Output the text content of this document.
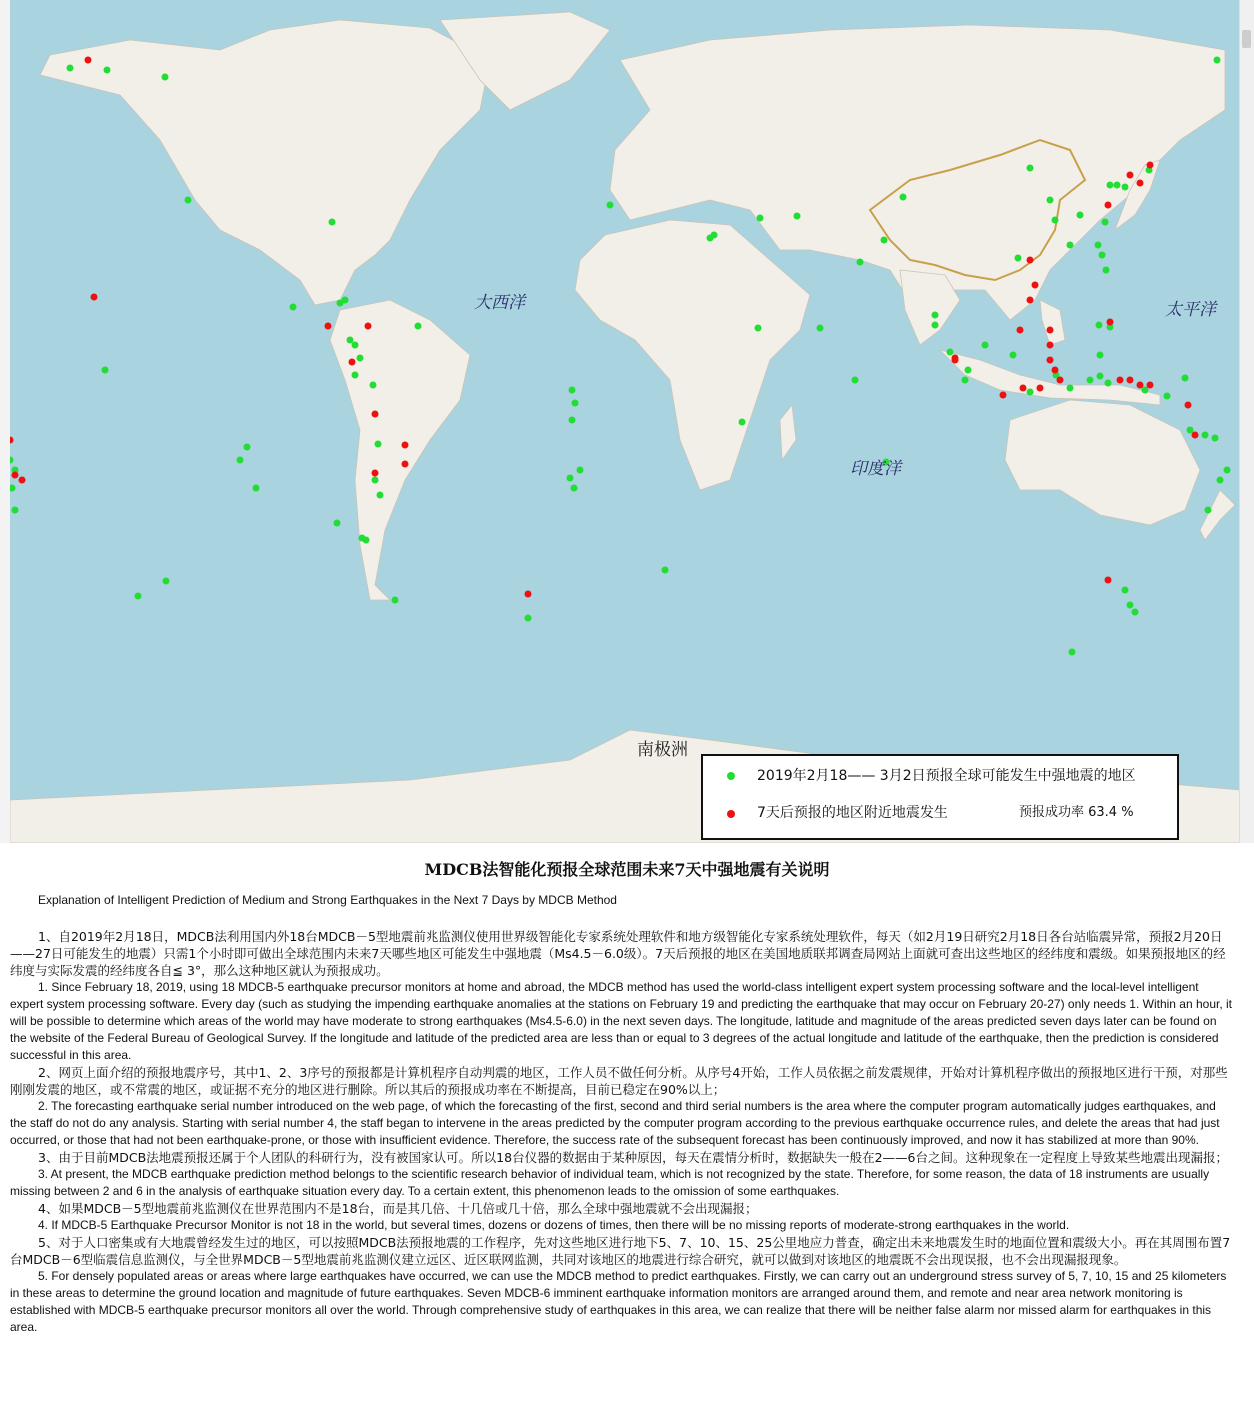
大西洋	太平洋
印度洋
南极洲
2019年2月18—— 3月2日预报全球可能发生中强地震的地区
7天后预报的地区附近地震发生	预报成功率 63.4 %
MDCB法智能化预报全球范围未来7天中强地震有关说明
Explanation of Intelligent Prediction of Medium and Strong Earthquakes in the Next 7 Days by MDCB Method

1、自2019年2月18日，MDCB法利用国内外18台MDCB－5型地震前兆监测仪使用世界级智能化专家系统处理软件和地方级智能化专家系统处理软件，每天（如2月19日研究2月18日各台站临震异常，预报2月20日——27日可能发生的地震）只需1个小时即可做出全球范围内未来7天哪些地区可能发生中强地震（Ms4.5－6.0级）。7天后预报的地区在美国地质联邦调查局网站上面就可查出这些地区的经纬度和震级。如果预报地区的经纬度与实际发震的经纬度各自≦ 3°，那么这种地区就认为预报成功。

1. Since February 18, 2019, using 18 MDCB-5 earthquake precursor monitors at home and abroad, the MDCB method has used the world-class intelligent expert system processing software and the local-level intelligent expert system processing software. Every day (such as studying the impending earthquake anomalies at the stations on February 19 and predicting the earthquake that may occur on February 20-27) only needs 1. Within an hour, it will be possible to determine which areas of the world may have moderate to strong earthquakes (Ms4.5-6.0) in the next seven days. The longitude, latitude and magnitude of the areas predicted seven days later can be found on the website of the Federal Bureau of Geological Survey. If the longitude and latitude of the predicted area are less than or equal to 3 degrees of the actual longitude and latitude of the earthquake, then the prediction is considered successful in this area.

2、网页上面介绍的预报地震序号，其中1、2、3序号的预报都是计算机程序自动判震的地区，工作人员不做任何分析。从序号4开始，工作人员依据之前发震规律，开始对计算机程序做出的预报地区进行干预，对那些刚刚发震的地区，或不常震的地区，或证据不充分的地区进行删除。所以其后的预报成功率在不断提高，目前已稳定在90%以上；

2. The forecasting earthquake serial number introduced on the web page, of which the forecasting of the first, second and third serial numbers is the area where the computer program automatically judges earthquakes, and the staff do not do any analysis. Starting with serial number 4, the staff began to intervene in the areas predicted by the computer program according to the previous earthquake occurrence rules, and delete the areas that had just occurred, or those that had not been earthquake-prone, or those with insufficient evidence. Therefore, the success rate of the subsequent forecast has been continuously improved, and now it has stabilized at more than 90%.

3、由于目前MDCB法地震预报还属于个人团队的科研行为，没有被国家认可。所以18台仪器的数据由于某种原因，每天在震情分析时，数据缺失一般在2——6台之间。这种现象在一定程度上导致某些地震出现漏报；

3. At present, the MDCB earthquake prediction method belongs to the scientific research behavior of individual team, which is not recognized by the state. Therefore, for some reason, the data of 18 instruments are usually missing between 2 and 6 in the analysis of earthquake situation every day. To a certain extent, this phenomenon leads to the omission of some earthquakes.

4、如果MDCB－5型地震前兆监测仪在世界范围内不是18台，而是其几倍、十几倍或几十倍，那么全球中强地震就不会出现漏报；

4. If MDCB-5 Earthquake Precursor Monitor is not 18 in the world, but several times, dozens or dozens of times, then there will be no missing reports of moderate-strong earthquakes in the world.

5、对于人口密集或有大地震曾经发生过的地区，可以按照MDCB法预报地震的工作程序，先对这些地区进行地下5、7、10、15、25公里地应力普查，确定出未来地震发生时的地面位置和震级大小。再在其周围布置7台MDCB－6型临震信息监测仪，与全世界MDCB－5型地震前兆监测仪建立远区、近区联网监测，共同对该地区的地震进行综合研究，就可以做到对该地区的地震既不会出现误报，也不会出现漏报现象。

5. For densely populated areas or areas where large earthquakes have occurred, we can use the MDCB method to predict earthquakes. Firstly, we can carry out an underground stress survey of 5, 7, 10, 15 and 25 kilometers in these areas to determine the ground location and magnitude of future earthquakes. Seven MDCB-6 imminent earthquake information monitors are arranged around them, and remote and near area network monitoring is established with MDCB-5 earthquake precursor monitors all over the world. Through comprehensive study of earthquakes in this area, we can realize that there will be neither false alarm nor missed alarm for earthquakes in this area.
